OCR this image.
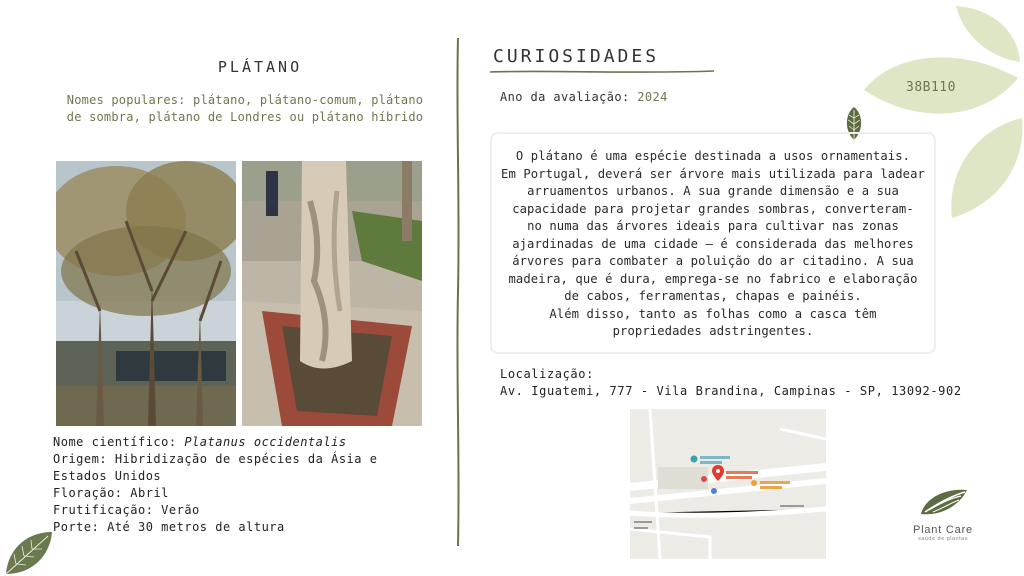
PLÁTANO
Nomes populares: plátano, plátano-comum, plátano de sombra, plátano de Londres ou plátano híbrido
Nome científico: Platanus occidentalis
Origem: Hibridização de espécies da Ásia e Estados Unidos
Floração: Abril
Frutificação: Verão
Porte: Até 30 metros de altura
CURIOSIDADES
Ano da avaliação: 2024
38B110
O plátano é uma espécie destinada a usos ornamentais.
Em Portugal, deverá ser árvore mais utilizada para ladear
arruamentos urbanos. A sua grande dimensão e a sua
capacidade para projetar grandes sombras, converteram-
no numa das árvores ideais para cultivar nas zonas
ajardinadas de uma cidade – é considerada das melhores
árvores para combater a poluição do ar citadino. A sua
madeira, que é dura, emprega-se no fabrico e elaboração
de cabos, ferramentas, chapas e painéis.
Além disso, tanto as folhas como a casca têm
propriedades adstringentes.
Localização:
Av. Iguatemi, 777 - Vila Brandina, Campinas - SP, 13092-902
Plant Care
saúde de plantas
